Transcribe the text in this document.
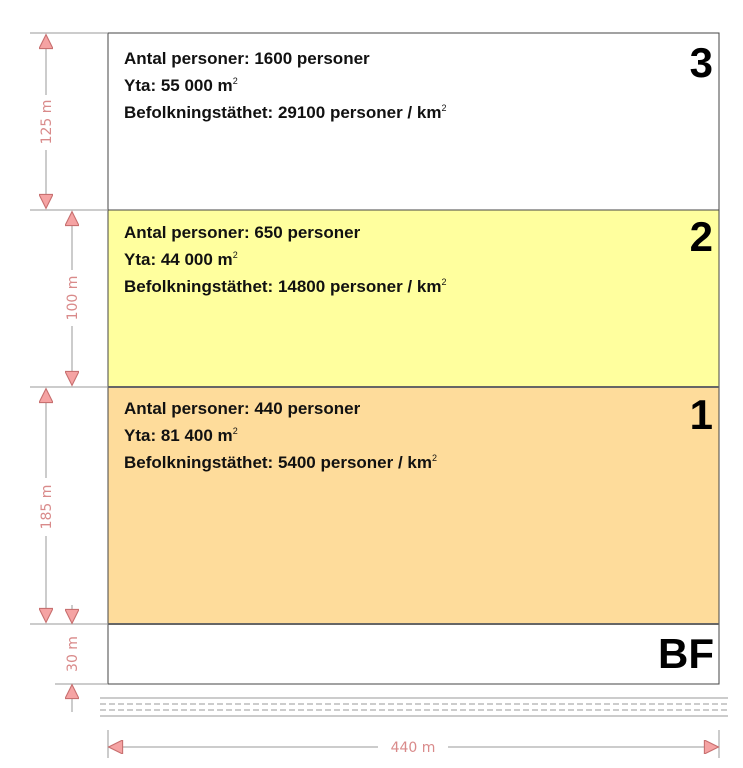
125 m
100 m
185 m
30 m
440 m
Antal personer: 1600 personer
Yta: 55 000 $m^2$
Befolkningstäthet: 29100 personer / $km^2$
3
Antal personer: 650 personer
Yta: 44 000 $m^2$
Befolkningstäthet: 14800 personer / $km^2$
2
Antal personer: 440 personer
Yta: 81 400 $m^2$
Befolkningstäthet: 5400 personer / $km^2$
1
BF
